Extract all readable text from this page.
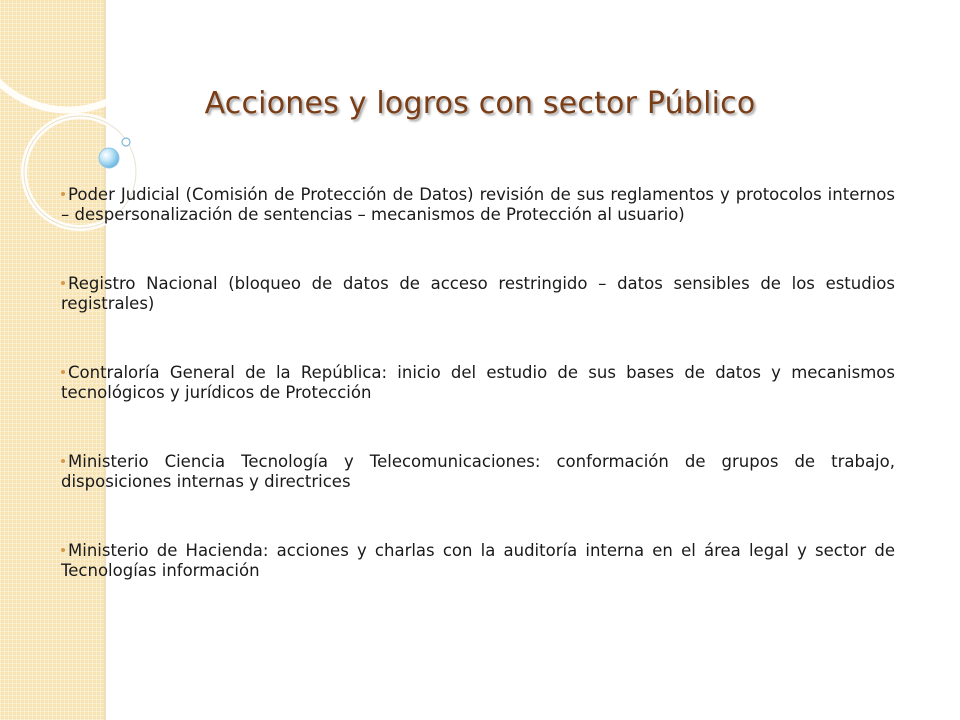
Acciones y logros con sector Público
Poder Judicial (Comisión de Protección de Datos) revisión de sus reglamentos y protocolos internos – despersonalización de sentencias – mecanismos de Protección al usuario)
Registro Nacional (bloqueo de datos de acceso restringido – datos sensibles de los estudios registrales)
Contraloría General de la República: inicio del estudio de sus bases de datos y mecanismos tecnológicos y jurídicos de Protección
Ministerio Ciencia Tecnología y Telecomunicaciones: conformación de grupos de trabajo, disposiciones internas y directrices
Ministerio de Hacienda: acciones y charlas con la auditoría interna en el área legal y sector de Tecnologías información
